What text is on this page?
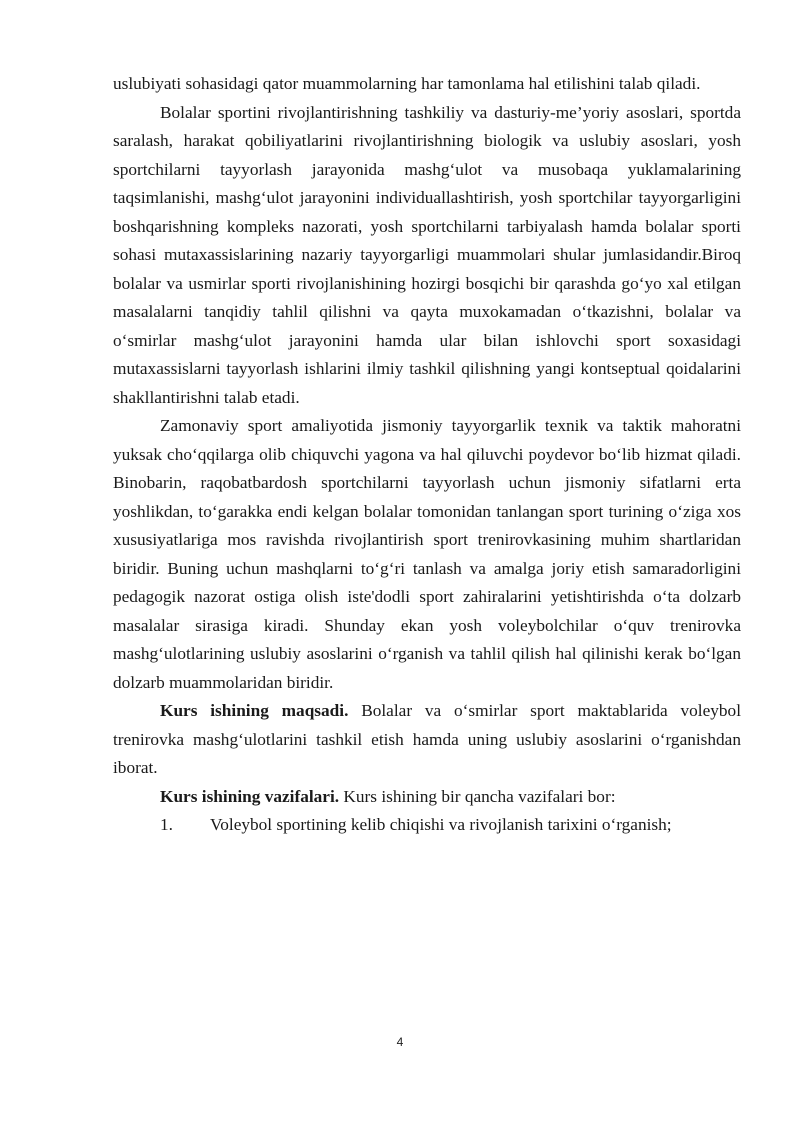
uslubiyati sohasidagi qator muammolarning har tamonlama hal etilishini talab qiladi.

Bolalar sportini rivojlantirishning tashkiliy va dasturiy-me’yoriy asoslari, sportda saralash, harakat qobiliyatlarini rivojlantirishning biologik va uslubiy asoslari, yosh sportchilarni tayyorlash jarayonida mashg‘ulot va musobaqa yuklamalarining taqsimlanishi, mashg‘ulot jarayonini individuallashtirish, yosh sportchilar tayyorgarligini boshqarishning kompleks nazorati, yosh sportchilarni tarbiyalash hamda bolalar sporti sohasi mutaxassislarining nazariy tayyorgarligi muammolari shular jumlasidandir.Biroq bolalar va usmirlar sporti rivojlanishining hozirgi bosqichi bir qarashda go‘yo xal etilgan masalalarni tanqidiy tahlil qilishni va qayta muxokamadan o‘tkazishni, bolalar va o‘smirlar mashg‘ulot jarayonini hamda ular bilan ishlovchi sport soxasidagi mutaxassislarni tayyorlash ishlarini ilmiy tashkil qilishning yangi kontseptual qoidalarini shakllantirishni talab etadi.

Zamonaviy sport amaliyotida jismoniy tayyorgarlik texnik va taktik mahoratni yuksak cho‘qqilarga olib chiquvchi yagona va hal qiluvchi poydevor bo‘lib hizmat qiladi. Binobarin, raqobatbardosh sportchilarni tayyorlash uchun jismoniy sifatlarni erta yoshlikdan, to‘garakka endi kelgan bolalar tomonidan tanlangan sport turining o‘ziga xos xususiyatlariga mos ravishda rivojlantirish sport trenirovkasining muhim shartlaridan biridir. Buning uchun mashqlarni to‘g‘ri tanlash va amalga joriy etish samaradorligini pedagogik nazorat ostiga olish iste'dodli sport zahiralarini yetishtirishda o‘ta dolzarb masalalar sirasiga kiradi. Shunday ekan yosh voleybolchilar o‘quv trenirovka mashg‘ulotlarining uslubiy asoslarini o‘rganish va tahlil qilish hal qilinishi kerak bo‘lgan dolzarb muammolaridan biridir.

Kurs ishining maqsadi. Bolalar va o‘smirlar sport maktablarida voleybol trenirovka mashg‘ulotlarini tashkil etish hamda uning uslubiy asoslarini o‘rganishdan iborat.

Kurs ishining vazifalari. Kurs ishining bir qancha vazifalari bor:

1.	Voleybol sportining kelib chiqishi va rivojlanish tarixini o‘rganish;

4
